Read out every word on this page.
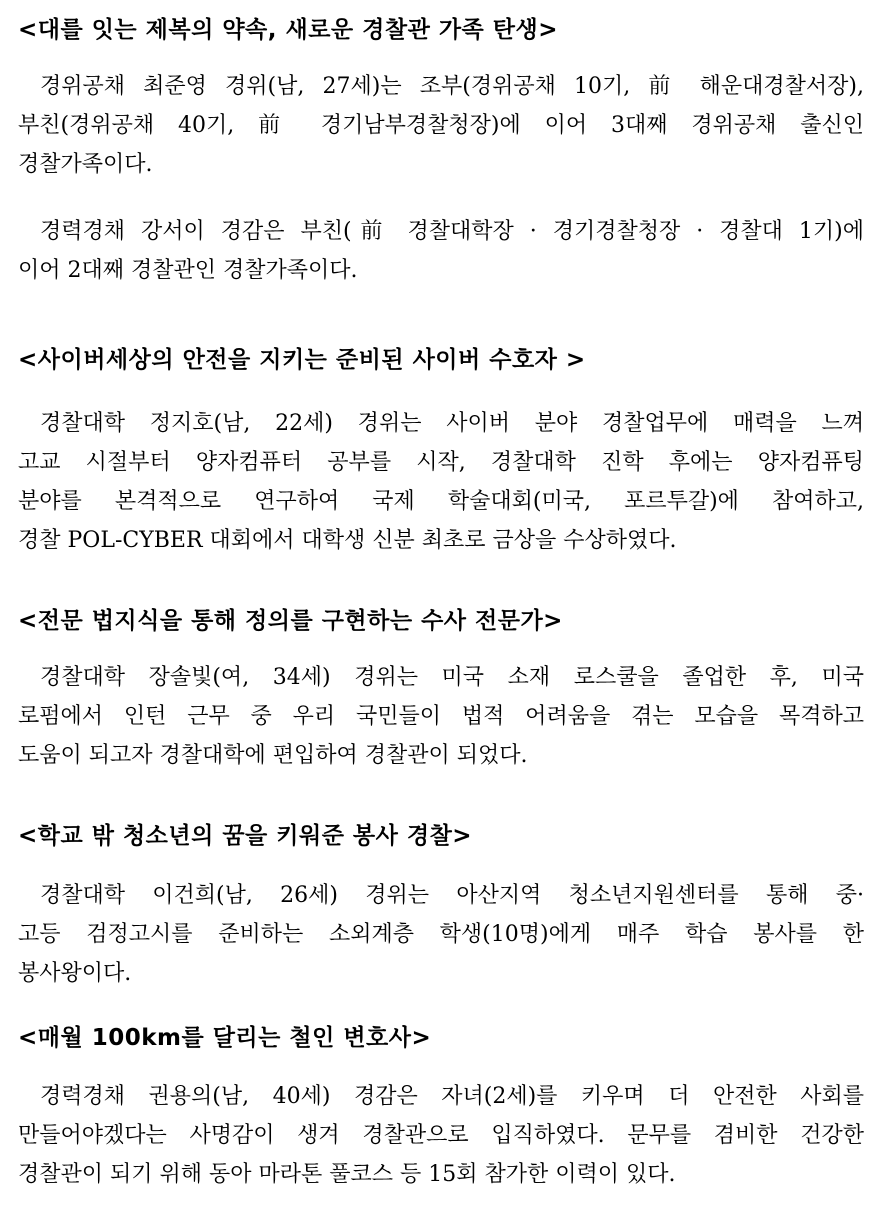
<대를 잇는 제복의 약속, 새로운 경찰관 가족 탄생>

경위공채 최준영 경위(남, 27세)는 조부(경위공채 10기, 前 해운대경찰서장),
부친(경위공채 40기, 前 경기남부경찰청장)에 이어 3대째 경위공채 출신인
경찰가족이다.

경력경채 강서이 경감은 부친(前 경찰대학장 · 경기경찰청장 · 경찰대 1기)에
이어 2대째 경찰관인 경찰가족이다.

<사이버세상의 안전을 지키는 준비된 사이버 수호자 >

경찰대학 정지호(남, 22세) 경위는 사이버 분야 경찰업무에 매력을 느껴
고교 시절부터 양자컴퓨터 공부를 시작, 경찰대학 진학 후에는 양자컴퓨팅
분야를 본격적으로 연구하여 국제 학술대회(미국, 포르투갈)에 참여하고,
경찰 POL-CYBER 대회에서 대학생 신분 최초로 금상을 수상하였다.

<전문 법지식을 통해 정의를 구현하는 수사 전문가>

경찰대학 장솔빛(여, 34세) 경위는 미국 소재 로스쿨을 졸업한 후, 미국
로펌에서 인턴 근무 중 우리 국민들이 법적 어려움을 겪는 모습을 목격하고
도움이 되고자 경찰대학에 편입하여 경찰관이 되었다.

<학교 밖 청소년의 꿈을 키워준 봉사 경찰>

경찰대학 이건희(남, 26세) 경위는 아산지역 청소년지원센터를 통해 중·
고등 검정고시를 준비하는 소외계층 학생(10명)에게 매주 학습 봉사를 한
봉사왕이다.

<매월 100km를 달리는 철인 변호사>

경력경채 권용의(남, 40세) 경감은 자녀(2세)를 키우며 더 안전한 사회를
만들어야겠다는 사명감이 생겨 경찰관으로 입직하였다. 문무를 겸비한 건강한
경찰관이 되기 위해 동아 마라톤 풀코스 등 15회 참가한 이력이 있다.
